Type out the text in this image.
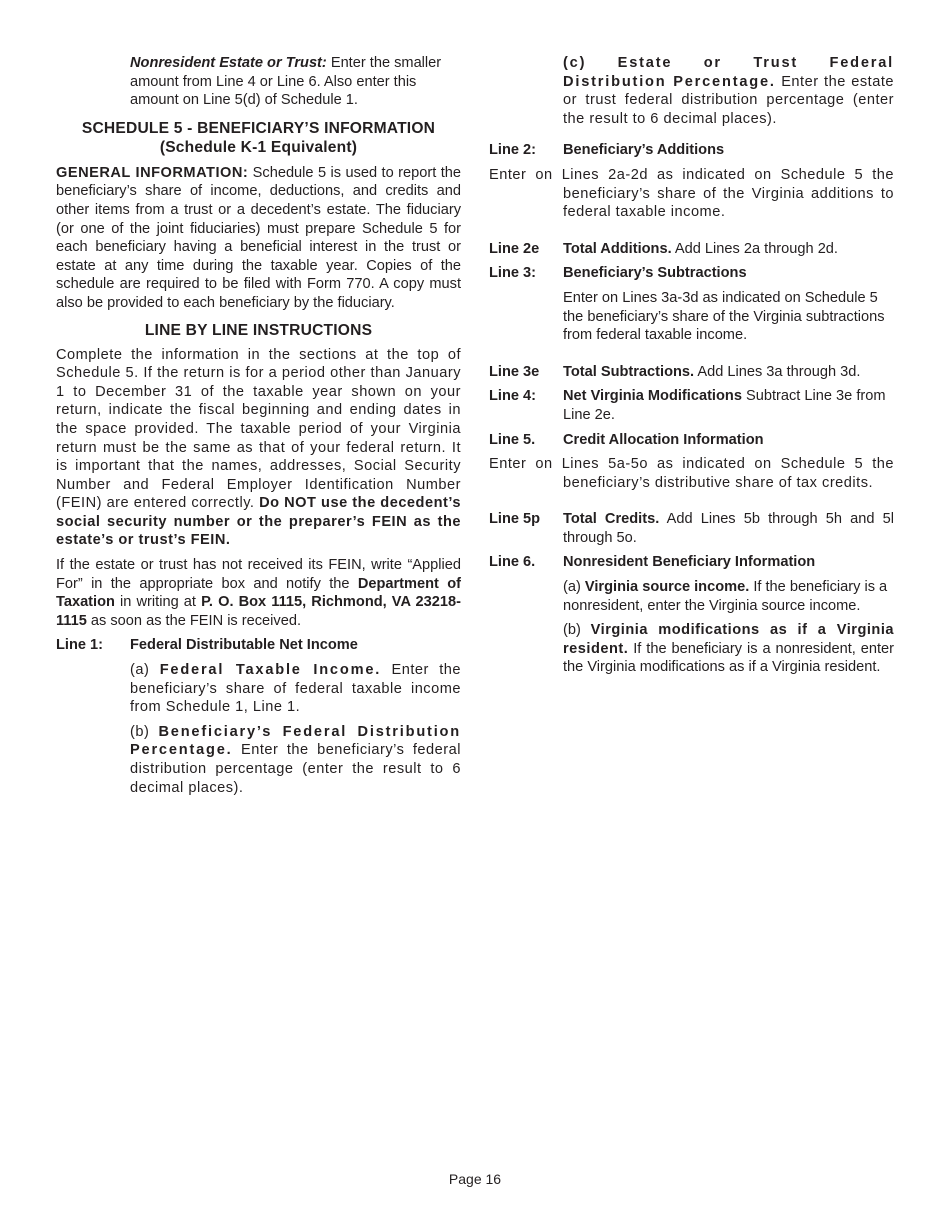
Nonresident Estate or Trust: Enter the smaller amount from Line 4 or Line 6. Also enter this amount on Line 5(d) of Schedule 1.

SCHEDULE 5 - BENEFICIARY’S INFORMATION
(Schedule K-1 Equivalent)

GENERAL INFORMATION: Schedule 5 is used to report the beneficiary’s share of income, deductions, and credits and other items from a trust or a decedent’s estate. The fiduciary (or one of the joint fiduciaries) must prepare Schedule 5 for each beneficiary having a beneficial interest in the trust or estate at any time during the taxable year. Copies of the schedule are required to be filed with Form 770. A copy must also be provided to each beneficiary by the fiduciary.

LINE BY LINE INSTRUCTIONS

Complete the information in the sections at the top of Schedule 5. If the return is for a period other than January 1 to December 31 of the taxable year shown on your return, indicate the fiscal beginning and ending dates in the space provided. The taxable period of your Virginia return must be the same as that of your federal return. It is important that the names, addresses, Social Security Number and Federal Employer Identification Number (FEIN) are entered correctly. Do NOT use the decedent’s social security number or the preparer’s FEIN as the estate’s or trust’s FEIN.

If the estate or trust has not received its FEIN, write “Applied For” in the appropriate box and notify the Department of Taxation in writing at P. O. Box 1115, Richmond, VA 23218-1115 as soon as the FEIN is received.

Line 1:	Federal Distributable Net Income

(a) Federal Taxable Income. Enter the beneficiary’s share of federal taxable income from Schedule 1, Line 1.

(b) Beneficiary’s Federal Distribution Percentage. Enter the beneficiary’s federal distribution percentage (enter the result to 6 decimal places).

(c) Estate or Trust Federal Distribution Percentage. Enter the estate or trust federal distribution percentage (enter the result to 6 decimal places).

Line 2:	Beneficiary’s Additions

Enter on Lines 2a-2d as indicated on Schedule 5 the beneficiary’s share of the Virginia additions to federal taxable income.

Line 2e	Total Additions. Add Lines 2a through 2d.
Line 3:	Beneficiary’s Subtractions

Enter on Lines 3a-3d as indicated on Schedule 5 the beneficiary’s share of the Virginia subtractions from federal taxable income.

Line 3e	Total Subtractions. Add Lines 3a through 3d.
Line 4:	Net Virginia Modifications Subtract Line 3e from Line 2e.
Line 5.	Credit Allocation Information

Enter on Lines 5a-5o as indicated on Schedule 5 the beneficiary’s distributive share of tax credits.

Line 5p	Total Credits. Add Lines 5b through 5h and 5l through 5o.
Line 6.	Nonresident Beneficiary Information

(a) Virginia source income. If the beneficiary is a nonresident, enter the Virginia source income.

(b) Virginia modifications as if a Virginia resident. If the beneficiary is a nonresident, enter the Virginia modifications as if a Virginia resident.

Page 16
